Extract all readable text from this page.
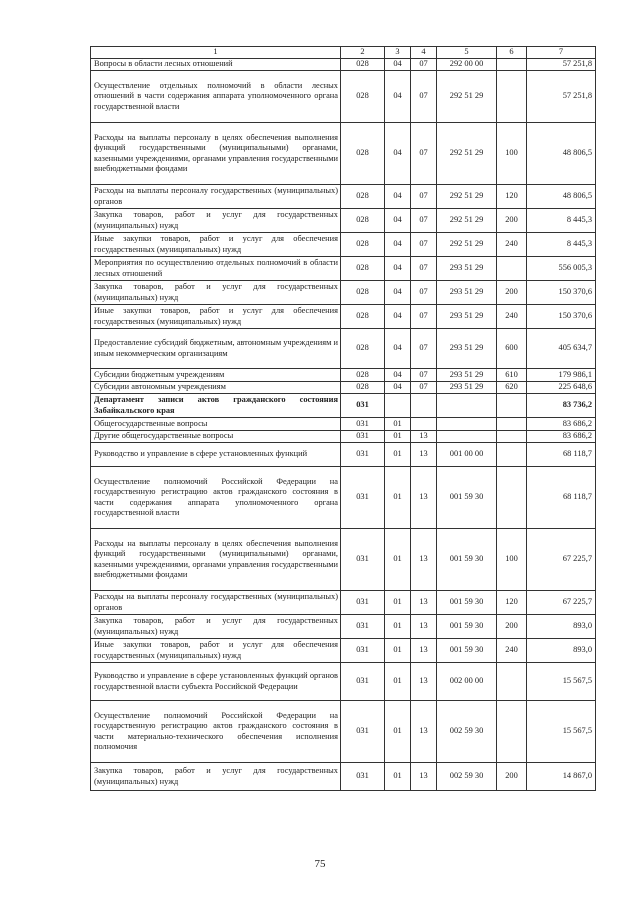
1	2	3	4	5	6	7
Вопросы в области лесных отношений	028	04	07	292 00 00		57 251,8
Осуществление отдельных полномочий в области лесных отношений в части содержания аппарата уполномоченного органа государственной власти	028	04	07	292 51 29		57 251,8
Расходы на выплаты персоналу в целях обеспечения выполнения функций государственными (муниципальными) органами, казенными учреждениями, органами управления государственными внебюджетными фондами	028	04	07	292 51 29	100	48 806,5
Расходы на выплаты персоналу государственных (муниципальных) органов	028	04	07	292 51 29	120	48 806,5
Закупка товаров, работ и услуг для государственных (муниципальных) нужд	028	04	07	292 51 29	200	8 445,3
Иные закупки товаров, работ и услуг для обеспечения государственных (муниципальных) нужд	028	04	07	292 51 29	240	8 445,3
Мероприятия по осуществлению отдельных полномочий в области лесных отношений	028	04	07	293 51 29		556 005,3
Закупка товаров, работ и услуг для государственных (муниципальных) нужд	028	04	07	293 51 29	200	150 370,6
Иные закупки товаров, работ и услуг для обеспечения государственных (муниципальных) нужд	028	04	07	293 51 29	240	150 370,6
Предоставление субсидий бюджетным, автономным учреждениям и иным некоммерческим организациям	028	04	07	293 51 29	600	405 634,7
Субсидии бюджетным учреждениям	028	04	07	293 51 29	610	179 986,1
Субсидии автономным учреждениям	028	04	07	293 51 29	620	225 648,6
Департамент записи актов гражданского состояния Забайкальского края	031					83 736,2
Общегосударственные вопросы	031	01				83 686,2
Другие общегосударственные вопросы	031	01	13			83 686,2
Руководство и управление в сфере установленных функций	031	01	13	001 00 00		68 118,7
Осуществление полномочий Российской Федерации на государственную регистрацию актов гражданского состояния в части содержания аппарата уполномоченного органа государственной власти	031	01	13	001 59 30		68 118,7
Расходы на выплаты персоналу в целях обеспечения выполнения функций государственными (муниципальными) органами, казенными учреждениями, органами управления государственными внебюджетными фондами	031	01	13	001 59 30	100	67 225,7
Расходы на выплаты персоналу государственных (муниципальных) органов	031	01	13	001 59 30	120	67 225,7
Закупка товаров, работ и услуг для государственных (муниципальных) нужд	031	01	13	001 59 30	200	893,0
Иные закупки товаров, работ и услуг для обеспечения государственных (муниципальных) нужд	031	01	13	001 59 30	240	893,0
Руководство и управление в сфере установленных функций органов государственной власти субъекта Российской Федерации	031	01	13	002 00 00		15 567,5
Осуществление полномочий Российской Федерации на государственную регистрацию актов гражданского состояния в части материально-технического обеспечения исполнения полномочия	031	01	13	002 59 30		15 567,5
Закупка товаров, работ и услуг для государственных (муниципальных) нужд	031	01	13	002 59 30	200	14 867,0
75
